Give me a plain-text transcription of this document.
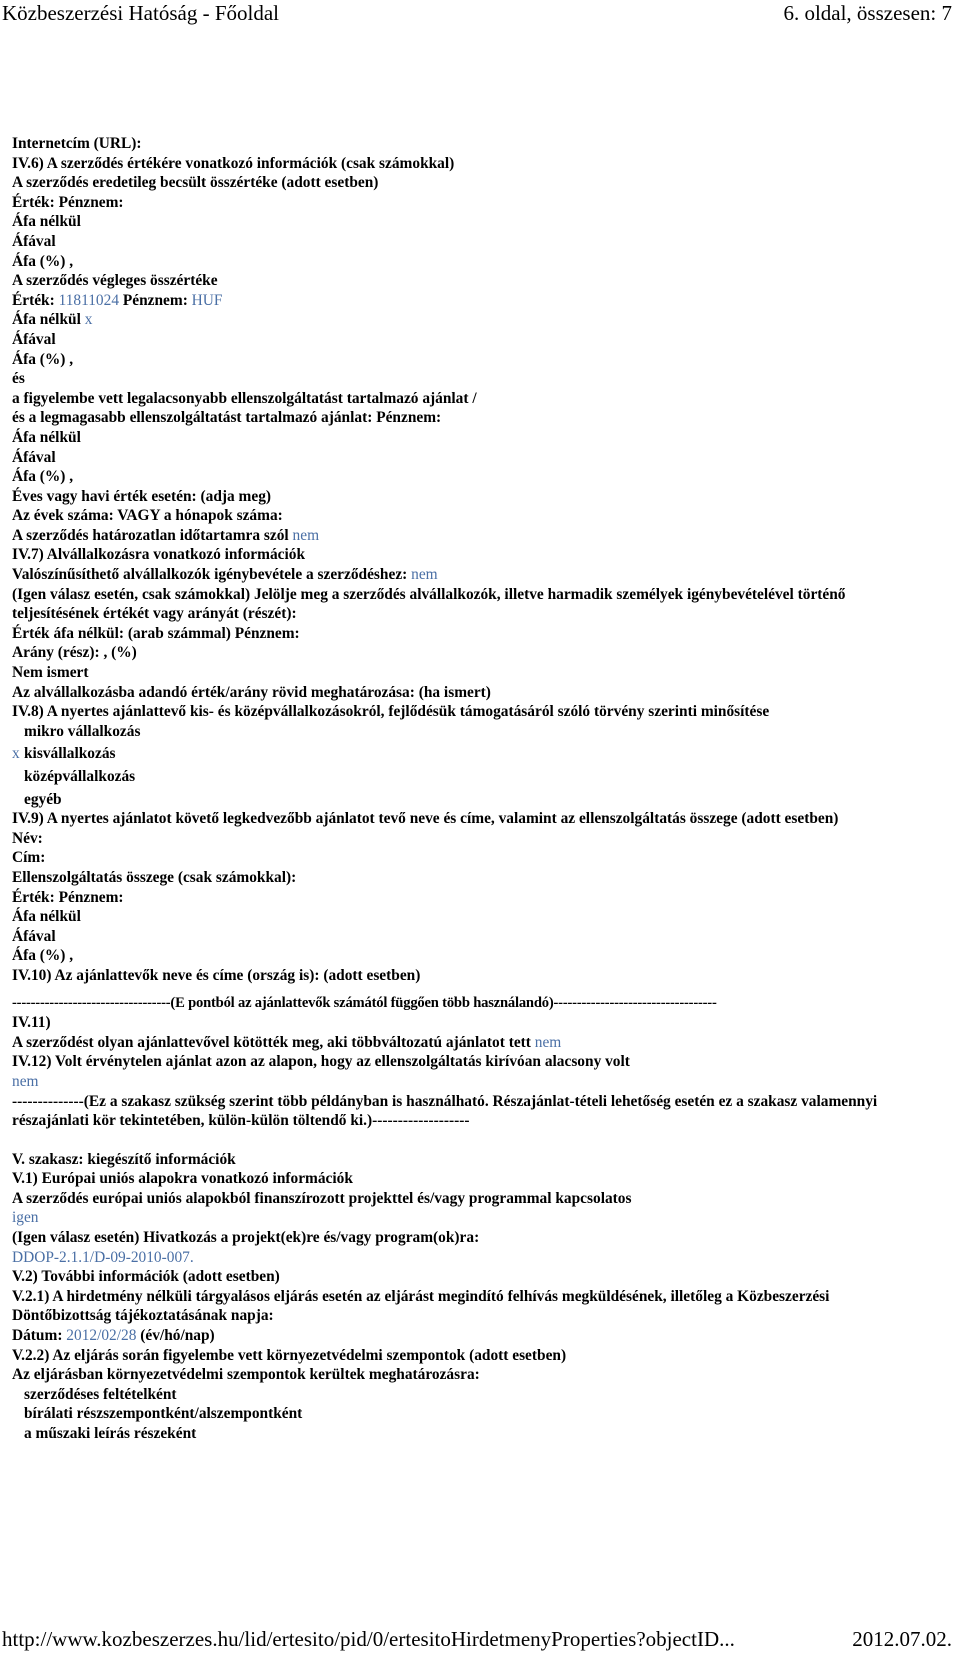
Közbeszerzési Hatóság - Főoldal	6. oldal, összesen: 7
Internetcím (URL):
IV.6) A szerződés értékére vonatkozó információk (csak számokkal)
A szerződés eredetileg becsült összértéke (adott esetben)
Érték: Pénznem:
Áfa nélkül
Áfával
Áfa (%) ,
A szerződés végleges összértéke
Érték: 11811024 Pénznem: HUF
Áfa nélkül x
Áfával
Áfa (%) ,
és
a figyelembe vett legalacsonyabb ellenszolgáltatást tartalmazó ajánlat /
és a legmagasabb ellenszolgáltatást tartalmazó ajánlat: Pénznem:
Áfa nélkül
Áfával
Áfa (%) ,
Éves vagy havi érték esetén: (adja meg)
Az évek száma: VAGY a hónapok száma:
A szerződés határozatlan időtartamra szól nem
IV.7) Alvállalkozásra vonatkozó információk
Valószínűsíthető alvállalkozók igénybevétele a szerződéshez: nem
(Igen válasz esetén, csak számokkal) Jelölje meg a szerződés alvállalkozók, illetve harmadik személyek igénybevételével történő teljesítésének értékét vagy arányát (részét):
Érték áfa nélkül: (arab számmal) Pénznem:
Arány (rész): , (%)
Nem ismert
Az alvállalkozásba adandó érték/arány rövid meghatározása: (ha ismert)
IV.8) A nyertes ajánlattevő kis- és középvállalkozásokról, fejlődésük támogatásáról szóló törvény szerinti minősítése
mikro vállalkozás
x kisvállalkozás
középvállalkozás
egyéb
IV.9) A nyertes ajánlatot követő legkedvezőbb ajánlatot tevő neve és címe, valamint az ellenszolgáltatás összege (adott esetben)
Név:
Cím:
Ellenszolgáltatás összege (csak számokkal):
Érték: Pénznem:
Áfa nélkül
Áfával
Áfa (%) ,
IV.10) Az ajánlattevők neve és címe (ország is): (adott esetben)
----------------------------------(E pontból az ajánlattevők számától függően több használandó)-----------------------------------
IV.11)
A szerződést olyan ajánlattevővel kötötték meg, aki többváltozatú ajánlatot tett nem
IV.12) Volt érvénytelen ajánlat azon az alapon, hogy az ellenszolgáltatás kirívóan alacsony volt
nem
--------------(Ez a szakasz szükség szerint több példányban is használható. Részajánlat-tételi lehetőség esetén ez a szakasz valamennyi részajánlati kör tekintetében, külön-külön töltendő ki.)-------------------
V. szakasz: kiegészítő információk
V.1) Európai uniós alapokra vonatkozó információk
A szerződés európai uniós alapokból finanszírozott projekttel és/vagy programmal kapcsolatos
igen
(Igen válasz esetén) Hivatkozás a projekt(ek)re és/vagy program(ok)ra:
DDOP-2.1.1/D-09-2010-007.
V.2) További információk (adott esetben)
V.2.1) A hirdetmény nélküli tárgyalásos eljárás esetén az eljárást megindító felhívás megküldésének, illetőleg a Közbeszerzési Döntőbizottság tájékoztatásának napja:
Dátum: 2012/02/28 (év/hó/nap)
V.2.2) Az eljárás során figyelembe vett környezetvédelmi szempontok (adott esetben)
Az eljárásban környezetvédelmi szempontok kerültek meghatározásra:
szerződéses feltételként
bírálati részszempontként/alszempontként
a műszaki leírás részeként
http://www.kozbeszerzes.hu/lid/ertesito/pid/0/ertesitoHirdetmenyProperties?objectID...	2012.07.02.
